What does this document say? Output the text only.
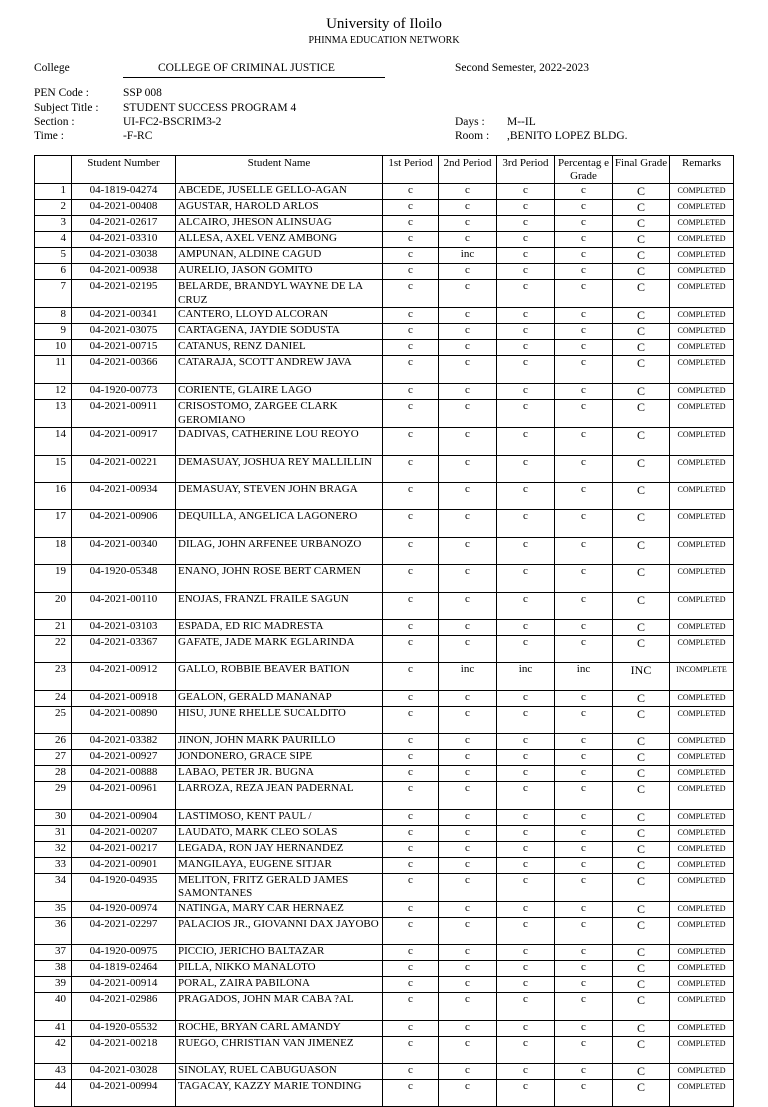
University of Iloilo
PHINMA EDUCATION NETWORK
College	COLLEGE OF CRIMINAL JUSTICE	Second Semester, 2022-2023
PEN Code :	SSP 008
Subject Title : STUDENT SUCCESS PROGRAM 4
Section :	UI-FC2-BSCRIM3-2
Time :	-F-RC
Days : M--IL
Room : ,BENITO LOPEZ BLDG.
	Student Number	Student Name	1st Period	2nd Period	3rd Period	Percentag e Grade	Final Grade	Remarks
1	04-1819-04274	ABCEDE, JUSELLE GELLO-AGAN	c	c	c	c	C	COMPLETED
2	04-2021-00408	AGUSTAR, HAROLD ARLOS	c	c	c	c	C	COMPLETED
3	04-2021-02617	ALCAIRO, JHESON ALINSUAG	c	c	c	c	C	COMPLETED
4	04-2021-03310	ALLESA, AXEL VENZ AMBONG	c	c	c	c	C	COMPLETED
5	04-2021-03038	AMPUNAN, ALDINE CAGUD	c	inc	c	c	C	COMPLETED
6	04-2021-00938	AURELIO, JASON GOMITO	c	c	c	c	C	COMPLETED
7	04-2021-02195	BELARDE, BRANDYL WAYNE DE LA CRUZ	c	c	c	c	C	COMPLETED
8	04-2021-00341	CANTERO, LLOYD ALCORAN	c	c	c	c	C	COMPLETED
9	04-2021-03075	CARTAGENA, JAYDIE SODUSTA	c	c	c	c	C	COMPLETED
10	04-2021-00715	CATANUS, RENZ DANIEL	c	c	c	c	C	COMPLETED
11	04-2021-00366	CATARAJA, SCOTT ANDREW JAVA	c	c	c	c	C	COMPLETED
12	04-1920-00773	CORIENTE, GLAIRE LAGO	c	c	c	c	C	COMPLETED
13	04-2021-00911	CRISOSTOMO, ZARGEE CLARK GEROMIANO	c	c	c	c	C	COMPLETED
14	04-2021-00917	DADIVAS, CATHERINE LOU REOYO	c	c	c	c	C	COMPLETED
15	04-2021-00221	DEMASUAY, JOSHUA REY MALLILLIN	c	c	c	c	C	COMPLETED
16	04-2021-00934	DEMASUAY, STEVEN JOHN BRAGA	c	c	c	c	C	COMPLETED
17	04-2021-00906	DEQUILLA, ANGELICA LAGONERO	c	c	c	c	C	COMPLETED
18	04-2021-00340	DILAG, JOHN ARFENEE URBANOZO	c	c	c	c	C	COMPLETED
19	04-1920-05348	ENANO, JOHN ROSE BERT CARMEN	c	c	c	c	C	COMPLETED
20	04-2021-00110	ENOJAS, FRANZL FRAILE SAGUN	c	c	c	c	C	COMPLETED
21	04-2021-03103	ESPADA, ED RIC MADRESTA	c	c	c	c	C	COMPLETED
22	04-2021-03367	GAFATE, JADE MARK EGLARINDA	c	c	c	c	C	COMPLETED
23	04-2021-00912	GALLO, ROBBIE BEAVER BATION	c	inc	inc	inc	INC	INCOMPLETE
24	04-2021-00918	GEALON, GERALD MANANAP	c	c	c	c	C	COMPLETED
25	04-2021-00890	HISU, JUNE RHELLE SUCALDITO	c	c	c	c	C	COMPLETED
26	04-2021-03382	JINON, JOHN MARK PAURILLO	c	c	c	c	C	COMPLETED
27	04-2021-00927	JONDONERO, GRACE SIPE	c	c	c	c	C	COMPLETED
28	04-2021-00888	LABAO, PETER JR. BUGNA	c	c	c	c	C	COMPLETED
29	04-2021-00961	LARROZA, REZA JEAN PADERNAL	c	c	c	c	C	COMPLETED
30	04-2021-00904	LASTIMOSO, KENT PAUL /	c	c	c	c	C	COMPLETED
31	04-2021-00207	LAUDATO, MARK CLEO SOLAS	c	c	c	c	C	COMPLETED
32	04-2021-00217	LEGADA, RON JAY HERNANDEZ	c	c	c	c	C	COMPLETED
33	04-2021-00901	MANGILAYA, EUGENE SITJAR	c	c	c	c	C	COMPLETED
34	04-1920-04935	MELITON, FRITZ GERALD JAMES SAMONTANES	c	c	c	c	C	COMPLETED
35	04-1920-00974	NATINGA, MARY CAR HERNAEZ	c	c	c	c	C	COMPLETED
36	04-2021-02297	PALACIOS JR., GIOVANNI DAX JAYOBO	c	c	c	c	C	COMPLETED
37	04-1920-00975	PICCIO, JERICHO BALTAZAR	c	c	c	c	C	COMPLETED
38	04-1819-02464	PILLA, NIKKO MANALOTO	c	c	c	c	C	COMPLETED
39	04-2021-00914	PORAL, ZAIRA PABILONA	c	c	c	c	C	COMPLETED
40	04-2021-02986	PRAGADOS, JOHN MAR CABA ?AL	c	c	c	c	C	COMPLETED
41	04-1920-05532	ROCHE, BRYAN CARL AMANDY	c	c	c	c	C	COMPLETED
42	04-2021-00218	RUEGO, CHRISTIAN VAN JIMENEZ	c	c	c	c	C	COMPLETED
43	04-2021-03028	SINOLAY, RUEL CABUGUASON	c	c	c	c	C	COMPLETED
44	04-2021-00994	TAGACAY, KAZZY MARIE TONDING	c	c	c	c	C	COMPLETED
